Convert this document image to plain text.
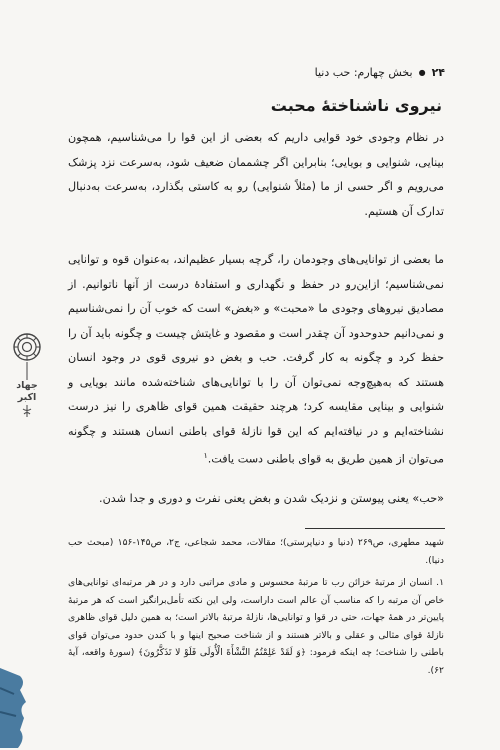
۲۴
●
بخش چهارم: حب دنیا
نیروی ناشناختهٔ محبت

در نظام وجودی خود قوایی داریم که بعضی از این قوا را می‌شناسیم، همچون بینایی، شنوایی و بویایی؛ بنابراین اگر چشممان ضعیف شود، به‌سرعت نزد پزشک می‌رویم و اگر حسی از ما (مثلاً شنوایی) رو به کاستی بگذارد، به‌سرعت به‌دنبال تدارک آن هستیم.

ما بعضی از توانایی‌های وجودمان را، گرچه بسیار عظیم‌اند، به‌عنوان قوه و توانایی نمی‌شناسیم؛ ازاین‌رو در حفظ و نگهداری و استفادهٔ درست از آنها ناتوانیم. از مصادیق نیروهای وجودی ما «محبت» و «بغض» است که خوب آن را نمی‌شناسیم و نمی‌دانیم حدوحدود آن چقدر است و مقصود و غایتش چیست و چگونه باید آن را حفظ کرد و چگونه به کار گرفت. حب و بغض دو نیروی قوی در وجود انسان هستند که به‌هیچ‌وجه نمی‌توان آن را با توانایی‌های شناخته‌شده مانند بویایی و شنوایی و بینایی مقایسه کرد؛ هرچند حقیقت همین قوای ظاهری را نیز درست نشناخته‌ایم و در نیافته‌ایم که این قوا نازلهٔ قوای باطنی انسان هستند و چگونه می‌توان از همین طریق به قوای باطنی دست یافت.$^۱$

«حب» یعنی پیوستن و نزدیک شدن و بغض یعنی نفرت و دوری و جدا شدن.

شهید مطهری، ص۲۶۹ (دنیا و دنیاپرستی)؛ مقالات، محمد شجاعی، ج۲، ص۱۴۵-۱۵۶ (مبحث حب دنیا).

۱. انسان از مرتبهٔ خزائن رب تا مرتبهٔ محسوس و مادی مراتبی دارد و در هر مرتبه‌ای توانایی‌های خاص آن مرتبه را که مناسب آن عالم است داراست، ولی این نکته تأمل‌برانگیز است که هر مرتبهٔ پایین‌تر در همهٔ جهات، حتی در قوا و توانایی‌ها، نازلهٔ مرتبهٔ بالاتر است؛ به همین دلیل قوای ظاهری نازلهٔ قوای مثالی و عقلی و بالاتر هستند و از شناخت صحیح اینها و با کندن حدود می‌توان قوای باطنی را شناخت؛ چه اینکه فرمود: ﴿وَ لَقَدْ عَلِمْتُمُ النَّشْأَةَ الْأُولَى فَلَوْ لا تَذَكَّرُونَ﴾ (سورهٔ واقعه، آیهٔ ۶۲).

جهاد
اکبر
